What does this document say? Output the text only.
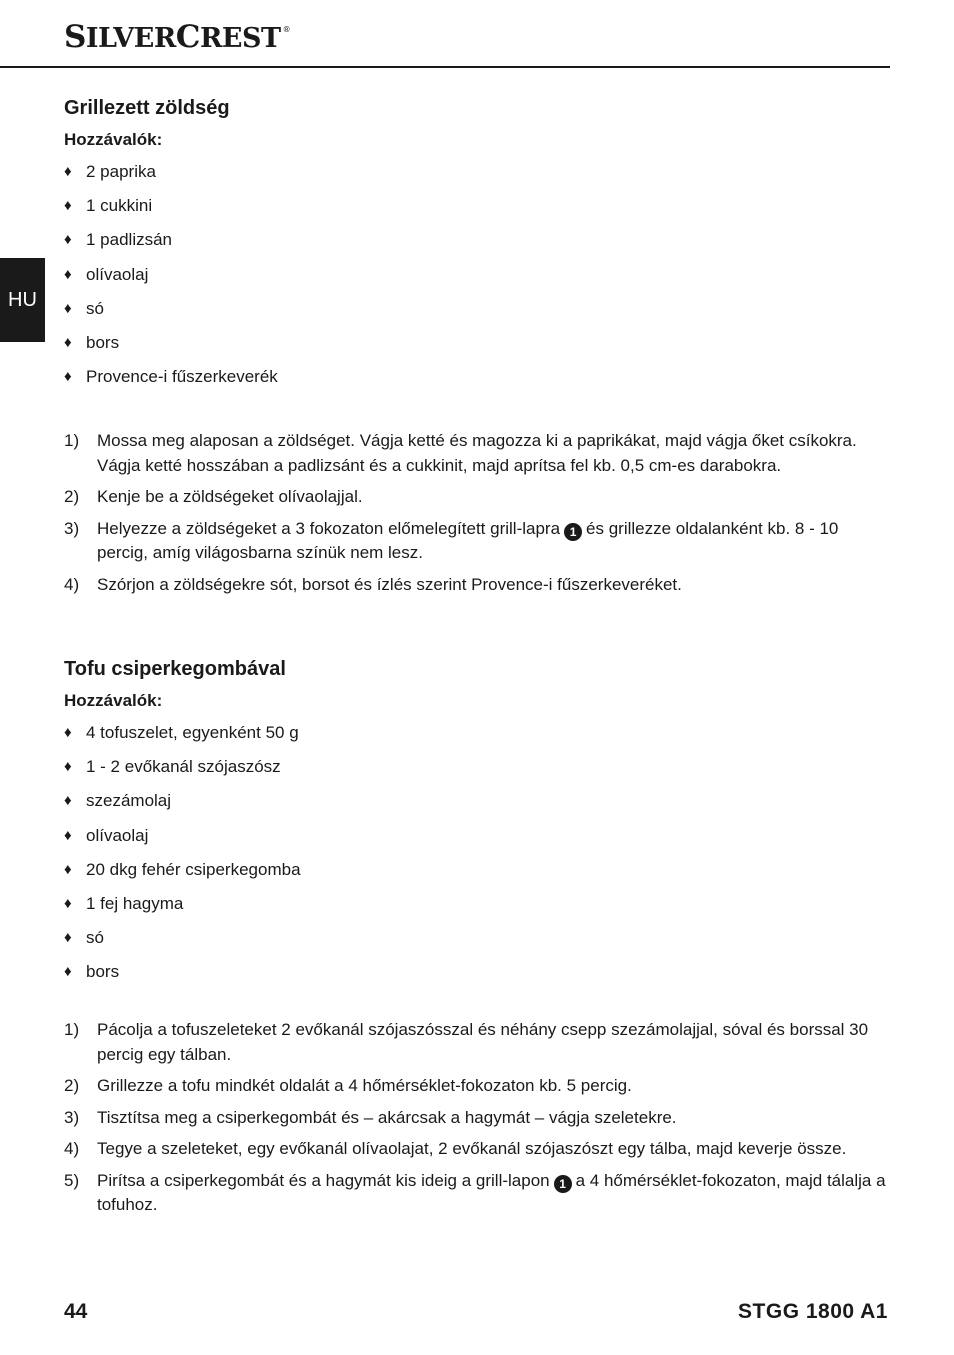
SILVERCREST ®
HU
Grillezett zöldség
Hozzávalók:
♦ 2 paprika
♦ 1 cukkini
♦ 1 padlizsán
♦ olívaolaj
♦ só
♦ bors
♦ Provence-i fűszerkeverék
1)	Mossa meg alaposan a zöldséget. Vágja ketté és magozza ki a paprikákat, majd vágja őket csíkokra. Vágja ketté hosszában a padlizsánt és a cukkinit, majd aprítsa fel kb. 0,5 cm-es darabokra.
2)	Kenje be a zöldségeket olívaolajjal.
3)	Helyezze a zöldségeket a 3 fokozaton előmelegített grill-lapra 1 és grillezze oldalanként kb. 8 - 10 percig, amíg világosbarna színük nem lesz.
4)	Szórjon a zöldségekre sót, borsot és ízlés szerint Provence-i fűszerkeveréket.
Tofu csiperkegombával
Hozzávalók:
♦ 4 tofuszelet, egyenként 50 g
♦ 1 - 2 evőkanál szójaszósz
♦ szezámolaj
♦ olívaolaj
♦ 20 dkg fehér csiperkegomba
♦ 1 fej hagyma
♦ só
♦ bors
1)	Pácolja a tofuszeleteket 2 evőkanál szójaszósszal és néhány csepp szezámolajjal, sóval és borssal 30 percig egy tálban.
2)	Grillezze a tofu mindkét oldalát a 4 hőmérséklet-fokozaton kb. 5 percig.
3)	Tisztítsa meg a csiperkegombát és – akárcsak a hagymát – vágja szeletekre.
4)	Tegye a szeleteket, egy evőkanál olívaolajat, 2 evőkanál szójaszószt egy tálba, majd keverje össze.
5)	Pirítsa a csiperkegombát és a hagymát kis ideig a grill-lapon 1 a 4 hőmérséklet-fokozaton, majd tálalja a tofuhoz.
44	STGG 1800 A1
